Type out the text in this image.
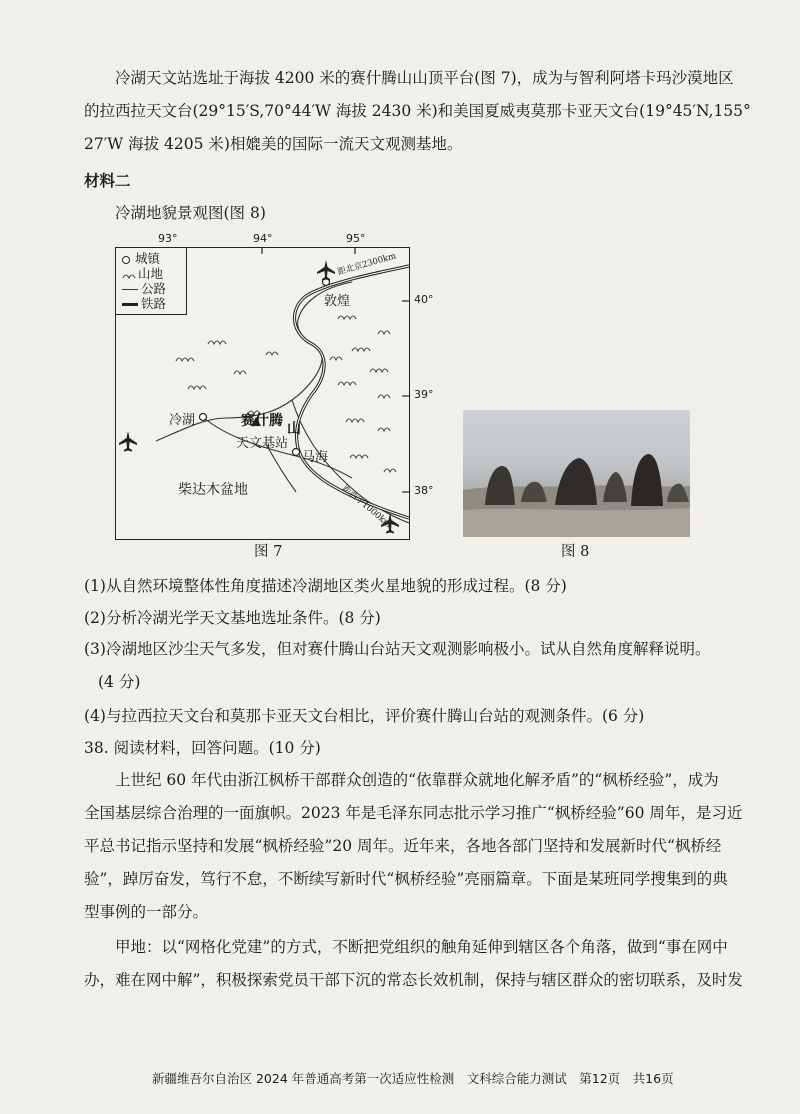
冷湖天文站选址于海拔 4200 米的赛什腾山山顶平台(图 7)，成为与智利阿塔卡玛沙漠地区
的拉西拉天文台(29°15′S,70°44′W 海拔 2430 米)和美国夏威夷莫那卡亚天文台(19°45′N,155°
27′W 海拔 4205 米)相媲美的国际一流天文观测基地。
材料二
冷湖地貌景观图(图 8)
93°	94°	95°
40°
39°
38°
城镇
山地
公路
铁路	敦煌
冷湖	赛什腾 山
天文基站
马海
柴达木盆地
距北京2300km
距西宁1000km
图 7	图 8
(1)从自然环境整体性角度描述冷湖地区类火星地貌的形成过程。(8 分)
(2)分析冷湖光学天文基地选址条件。(8 分)
(3)冷湖地区沙尘天气多发，但对赛什腾山台站天文观测影响极小。试从自然角度解释说明。
(4 分)
(4)与拉西拉天文台和莫那卡亚天文台相比，评价赛什腾山台站的观测条件。(6 分)
38. 阅读材料，回答问题。(10 分)
上世纪 60 年代由浙江枫桥干部群众创造的“依靠群众就地化解矛盾”的“枫桥经验”，成为
全国基层综合治理的一面旗帜。2023 年是毛泽东同志批示学习推广“枫桥经验”60 周年，是习近
平总书记指示坚持和发展“枫桥经验”20 周年。近年来，各地各部门坚持和发展新时代“枫桥经
验”，踔厉奋发，笃行不怠，不断续写新时代“枫桥经验”亮丽篇章。下面是某班同学搜集到的典
型事例的一部分。
甲地：以“网格化党建”的方式，不断把党组织的触角延伸到辖区各个角落，做到“事在网中
办，难在网中解”，积极探索党员干部下沉的常态长效机制，保持与辖区群众的密切联系，及时发
新疆维吾尔自治区 2024 年普通高考第一次适应性检测　文科综合能力测试　第12页　共16页
